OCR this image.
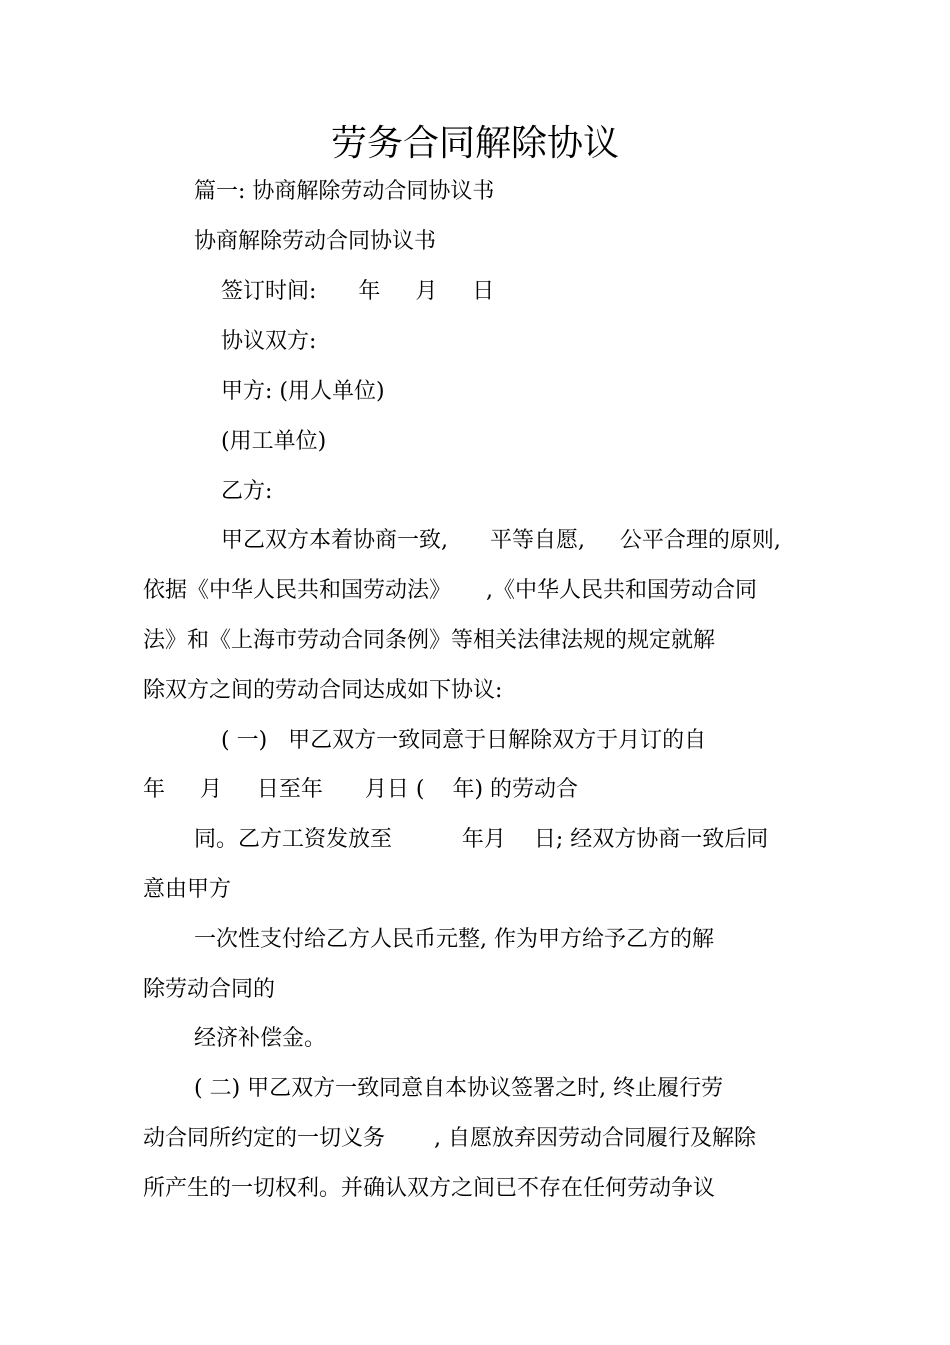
劳务合同解除协议
篇一: 协商解除劳动合同协议书
协商解除劳动合同协议书
签订时间:      年     月     日
协议双方:
甲方: (用人单位)
(用工单位)
乙方:
甲乙双方本着协商一致,      平等自愿,     公平合理的原则,
依据《中华人民共和国劳动法》     ,《中华人民共和国劳动合同
法》和《上海市劳动合同条例》等相关法律法规的规定就解
除双方之间的劳动合同达成如下协议:
( 一)   甲乙双方一致同意于日解除双方于月订的自
年     月     日至年      月日 (    年) 的劳动合
同。乙方工资发放至          年月    日; 经双方协商一致后同
意由甲方
一次性支付给乙方人民币元整, 作为甲方给予乙方的解
除劳动合同的
经济补偿金。
( 二) 甲乙双方一致同意自本协议签署之时, 终止履行劳
动合同所约定的一切义务       , 自愿放弃因劳动合同履行及解除
所产生的一切权利。并确认双方之间已不存在任何劳动争议
